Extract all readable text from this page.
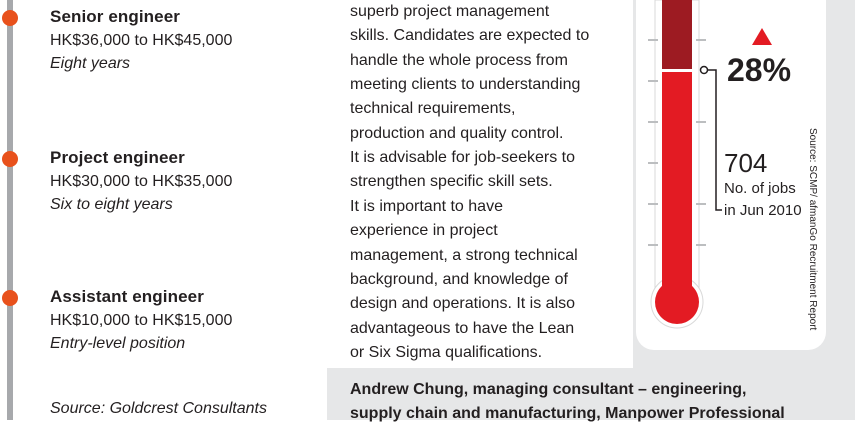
Senior engineer
HK$36,000 to HK$45,000
Eight years
Project engineer
HK$30,000 to HK$35,000
Six to eight years
Assistant engineer
HK$10,000 to HK$15,000
Entry-level position
Source: Goldcrest Consultants
superb project management
skills. Candidates are expected to
handle the whole process from
meeting clients to understanding
technical requirements,
production and quality control.
It is advisable for job-seekers to
strengthen specific skill sets.
It is important to have
experience in project
management, a strong technical
background, and knowledge of
design and operations. It is also
advantageous to have the Lean
or Six Sigma qualifications.
28%
704
No. of jobs
in Jun 2010 Source: SCMP/ afmanGo Recruitment Report
Andrew Chung, managing consultant – engineering,
supply chain and manufacturing, Manpower Professional
